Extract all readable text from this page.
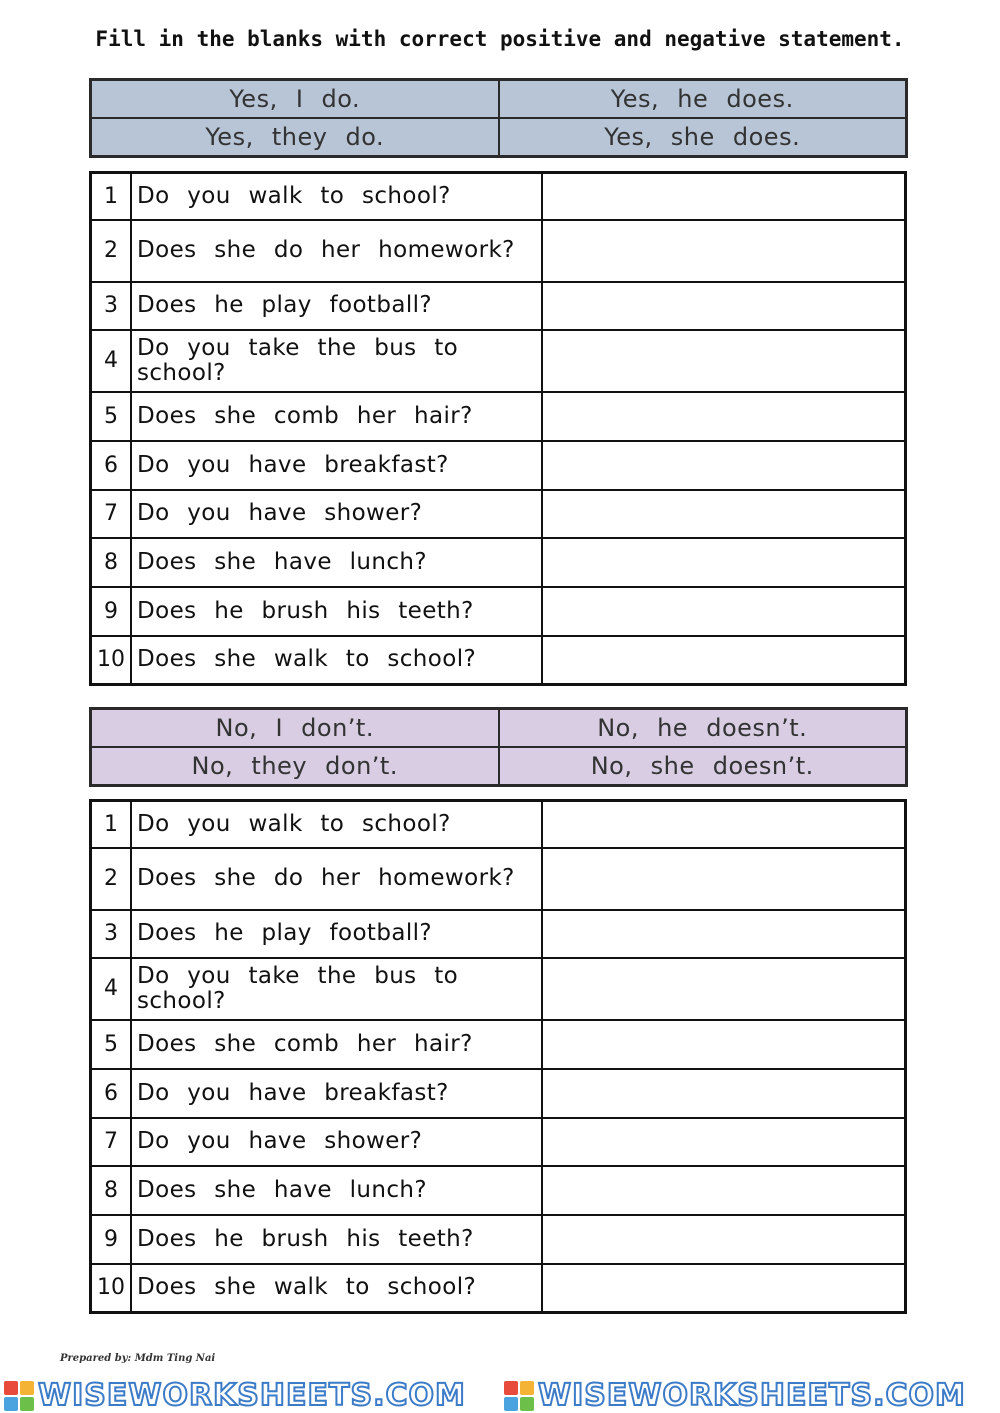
Fill in the blanks with correct positive and negative statement.
Yes, I do.	Yes, he does.
Yes, they do.	Yes, she does.
1	Do you walk to school?	
2	Does she do her homework?	
3	Does he play football?	
4	Do you take the bus to school?	
5	Does she comb her hair?	
6	Do you have breakfast?	
7	Do you have shower?	
8	Does she have lunch?	
9	Does he brush his teeth?	
10	Does she walk to school?	
No, I don’t.	No, he doesn’t.
No, they don’t.	No, she doesn’t.
1	Do you walk to school?	
2	Does she do her homework?	
3	Does he play football?	
4	Do you take the bus to school?	
5	Does she comb her hair?	
6	Do you have breakfast?	
7	Do you have shower?	
8	Does she have lunch?	
9	Does he brush his teeth?	
10	Does she walk to school?	
Prepared by: Mdm Ting Nai
WISEWORKSHEETS.COM WISEWORKSHEETS.COM
